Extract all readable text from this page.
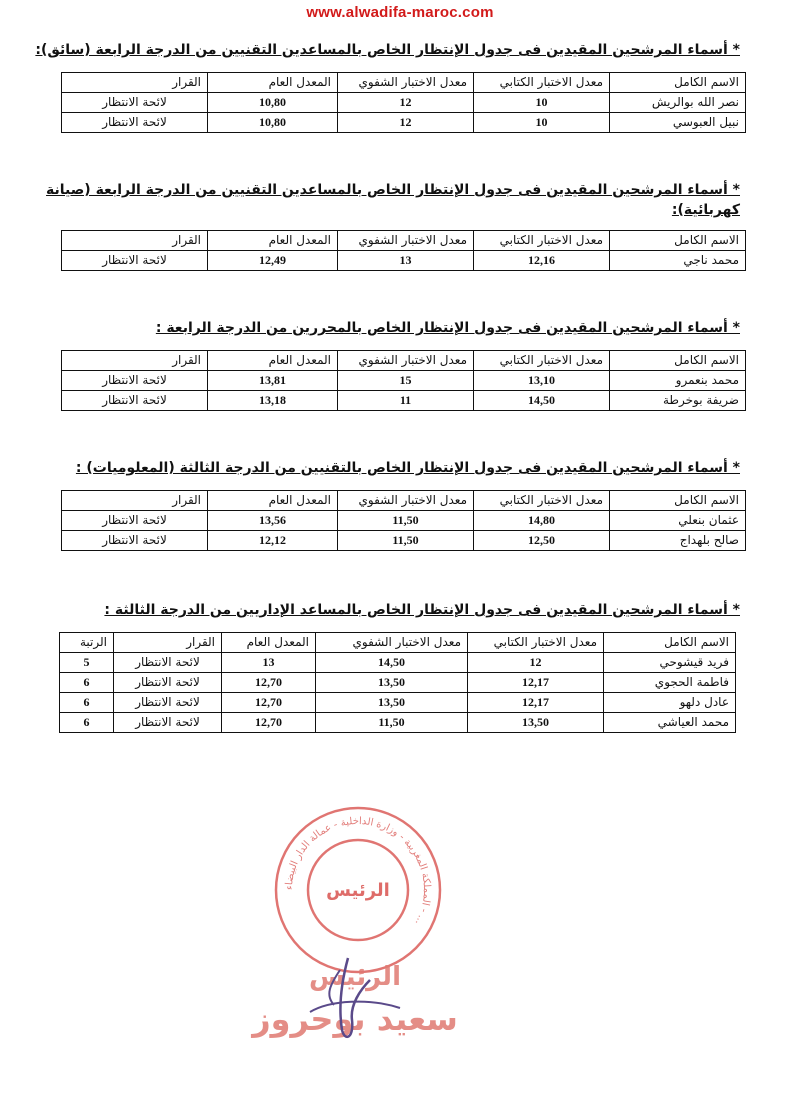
www.alwadifa-maroc.com
* أسماء المرشحين المقيدين فى جدول الإنتظار الخاص بالمساعدين التقنيين من الدرجة الرابعة (سائق):
الاسم الكامل	معدل الاختبار الكتابي	معدل الاختبار الشفوي	المعدل العام	القرار
نصر الله بوالريش	10	12	10,80	لائحة الانتظار
نبيل العبوسي	10	12	10,80	لائحة الانتظار
* أسماء المرشحين المقيدين فى جدول الإنتظار الخاص بالمساعدين التقنيين من الدرجة الرابعة (صيانة كهربائية):
الاسم الكامل	معدل الاختبار الكتابي	معدل الاختبار الشفوي	المعدل العام	القرار
محمد ناجي	12,16	13	12,49	لائحة الانتظار
* أسماء المرشحين المقيدين فى جدول الإنتظار الخاص بالمحررين من الدرجة الرابعة :
الاسم الكامل	معدل الاختبار الكتابي	معدل الاختبار الشفوي	المعدل العام	القرار
محمد بنعمرو	13,10	15	13,81	لائحة الانتظار
ضريفة بوخرطة	14,50	11	13,18	لائحة الانتظار
* أسماء المرشحين المقيدين فى جدول الإنتظار الخاص بالتقنيين من الدرجة الثالثة (المعلوميات) :
الاسم الكامل	معدل الاختبار الكتابي	معدل الاختبار الشفوي	المعدل العام	القرار
عثمان بنعلي	14,80	11,50	13,56	لائحة الانتظار
صالح بلهداج	12,50	11,50	12,12	لائحة الانتظار
* أسماء المرشحين المقيدين فى جدول الإنتظار الخاص بالمساعد الإداريين من الدرجة الثالثة :
الاسم الكامل	معدل الاختبار الكتابي	معدل الاختبار الشفوي	المعدل العام	القرار	الرتبة
فريد قيشوحي	12	14,50	13	لائحة الانتظار	5
فاطمة الحجوي	12,17	13,50	12,70	لائحة الانتظار	6
عادل دلهو	12,17	13,50	12,70	لائحة الانتظار	6
محمد العياشي	13,50	11,50	12,70	لائحة الانتظار	6
المملكة المغربية - وزارة الداخلية - عمالة الدار البيضاء - ...
الرئيس
الرئيس
سعيد بوحروز
